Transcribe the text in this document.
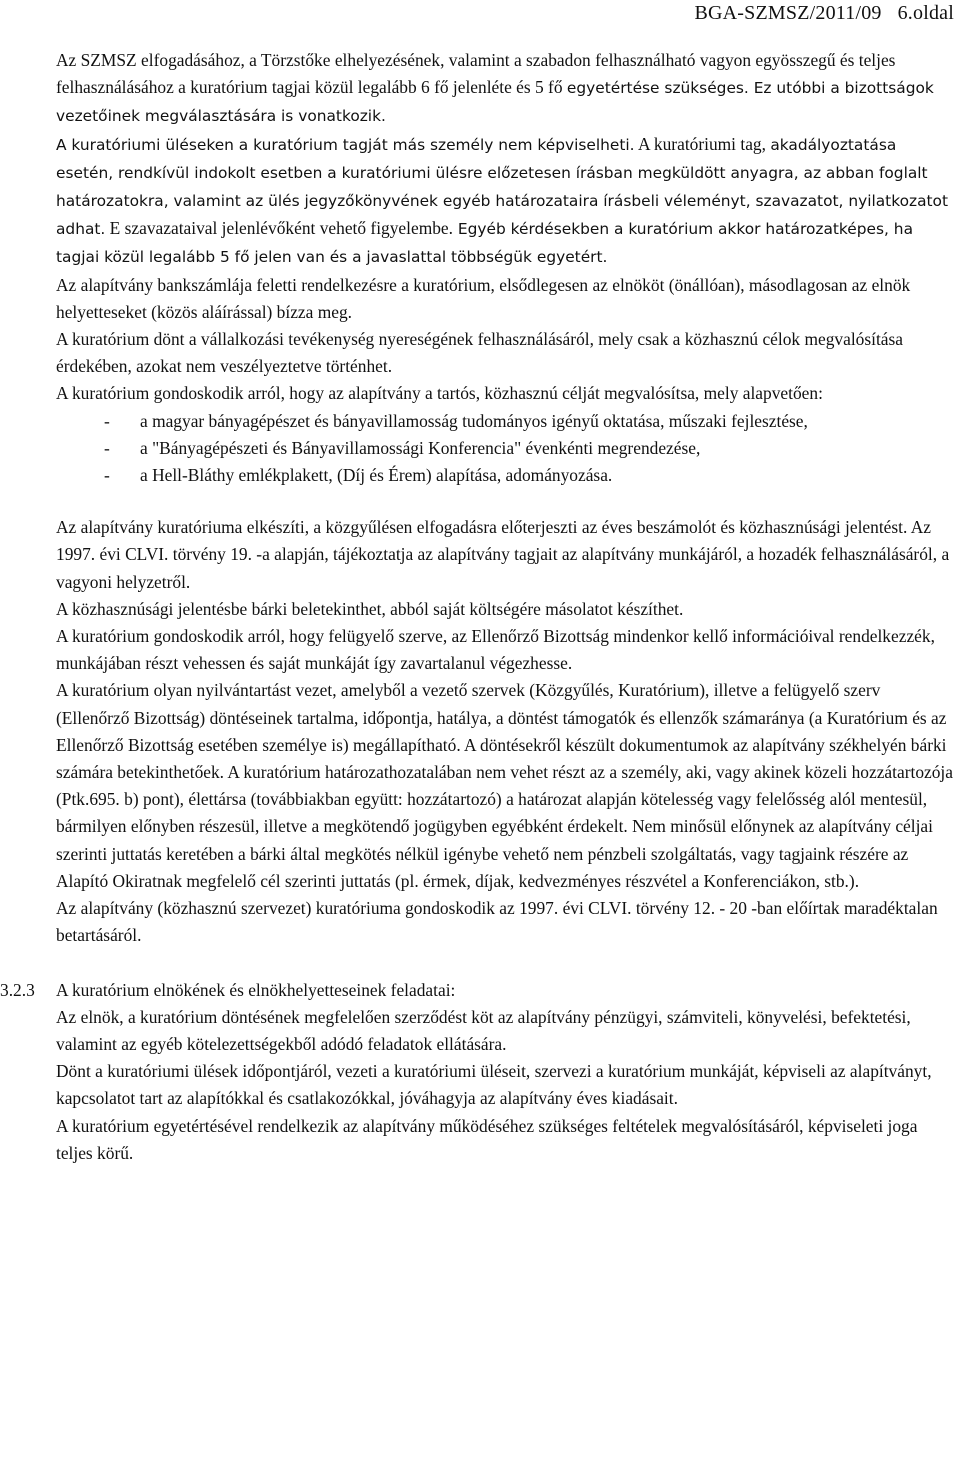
BGA-SZMSZ/2011/09 6.oldal

Az SZMSZ elfogadásához, a Törzstőke elhelyezésének, valamint a szabadon felhasználható vagyon egyösszegű és teljes felhasználásához a kuratórium tagjai közül legalább 6 fő jelenléte és 5 fő egyetértése szükséges. Ez utóbbi a bizottságok vezetőinek megválasztására is vonatkozik.

A kuratóriumi üléseken a kuratórium tagját más személy nem képviselheti. A kuratóriumi tag, akadályoztatása esetén, rendkívül indokolt esetben a kuratóriumi ülésre előzetesen írásban megküldött anyagra, az abban foglalt határozatokra, valamint az ülés jegyzőkönyvének egyéb határozataira írásbeli véleményt, szavazatot, nyilatkozatot adhat. E szavazataival jelenlévőként vehető figyelembe. Egyéb kérdésekben a kuratórium akkor határozatképes, ha tagjai közül legalább 5 fő jelen van és a javaslattal többségük egyetért.

Az alapítvány bankszámlája feletti rendelkezésre a kuratórium, elsődlegesen az elnököt (önállóan), másodlagosan az elnök helyetteseket (közös aláírással) bízza meg.

A kuratórium dönt a vállalkozási tevékenység nyereségének felhasználásáról, mely csak a közhasznú célok megvalósítása érdekében, azokat nem veszélyeztetve történhet.

A kuratórium gondoskodik arról, hogy az alapítvány a tartós, közhasznú célját megvalósítsa, mely alapvetően:

- a magyar bányagépészet és bányavillamosság tudományos igényű oktatása, műszaki fejlesztése,
- a "Bányagépészeti és Bányavillamossági Konferencia" évenkénti megrendezése,
- a Hell-Bláthy emlékplakett, (Díj és Érem) alapítása, adományozása.

Az alapítvány kuratóriuma elkészíti, a közgyűlésen elfogadásra előterjeszti az éves beszámolót és közhasznúsági jelentést. Az 1997. évi CLVI. törvény 19. -a alapján, tájékoztatja az alapítvány tagjait az alapítvány munkájáról, a hozadék felhasználásáról, a vagyoni helyzetről.

A közhasznúsági jelentésbe bárki beletekinthet, abból saját költségére másolatot készíthet.

A kuratórium gondoskodik arról, hogy felügyelő szerve, az Ellenőrző Bizottság mindenkor kellő információival rendelkezzék, munkájában részt vehessen és saját munkáját így zavartalanul végezhesse.

A kuratórium olyan nyilvántartást vezet, amelyből a vezető szervek (Közgyűlés, Kuratórium), illetve a felügyelő szerv (Ellenőrző Bizottság) döntéseinek tartalma, időpontja, hatálya, a döntést támogatók és ellenzők számaránya (a Kuratórium és az Ellenőrző Bizottság esetében személye is) megállapítható. A döntésekről készült dokumentumok az alapítvány székhelyén bárki számára betekinthetőek. A kuratórium határozathozatalában nem vehet részt az a személy, aki, vagy akinek közeli hozzátartozója (Ptk.695. b) pont), élettársa (továbbiakban együtt: hozzátartozó) a határozat alapján kötelesség vagy felelősség alól mentesül, bármilyen előnyben részesül, illetve a megkötendő jogügyben egyébként érdekelt. Nem minősül előnynek az alapítvány céljai szerinti juttatás keretében a bárki által megkötés nélkül igénybe vehető nem pénzbeli szolgáltatás, vagy tagjaink részére az Alapító Okiratnak megfelelő cél szerinti juttatás (pl. érmek, díjak, kedvezményes részvétel a Konferenciákon, stb.).

Az alapítvány (közhasznú szervezet) kuratóriuma gondoskodik az 1997. évi CLVI. törvény 12. - 20 -ban előírtak maradéktalan betartásáról.

3.2.3 A kuratórium elnökének és elnökhelyetteseinek feladatai:

Az elnök, a kuratórium döntésének megfelelően szerződést köt az alapítvány pénzügyi, számviteli, könyvelési, befektetési, valamint az egyéb kötelezettségekből adódó feladatok ellátására.

Dönt a kuratóriumi ülések időpontjáról, vezeti a kuratóriumi üléseit, szervezi a kuratórium munkáját, képviseli az alapítványt, kapcsolatot tart az alapítókkal és csatlakozókkal, jóváhagyja az alapítvány éves kiadásait.

A kuratórium egyetértésével rendelkezik az alapítvány működéséhez szükséges feltételek megvalósításáról, képviseleti joga teljes körű.
